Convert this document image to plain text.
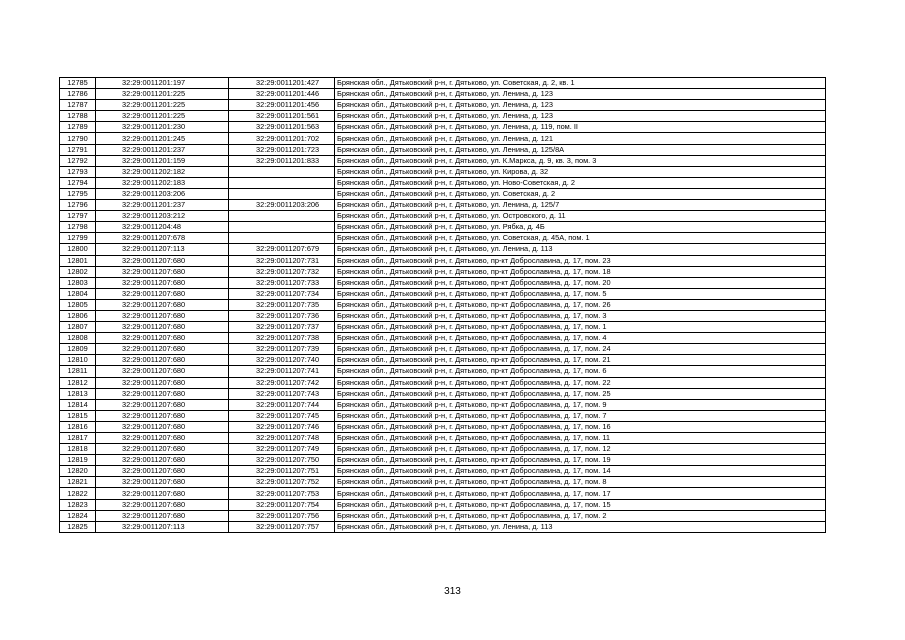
12785	32:29:0011201:197	32:29:0011201:427	Брянская обл., Дятьковский р-н, г. Дятьково, ул. Советская, д. 2, кв. 1
12786	32:29:0011201:225	32:29:0011201:446	Брянская обл., Дятьковский р-н, г. Дятьково, ул. Ленина, д. 123
12787	32:29:0011201:225	32:29:0011201:456	Брянская обл., Дятьковский р-н, г. Дятьково, ул. Ленина, д. 123
12788	32:29:0011201:225	32:29:0011201:561	Брянская обл., Дятьковский р-н, г. Дятьково, ул. Ленина, д. 123
12789	32:29:0011201:230	32:29:0011201:563	Брянская обл., Дятьковский р-н, г. Дятьково, ул. Ленина, д. 119, пом. II
12790	32:29:0011201:245	32:29:0011201:702	Брянская обл., Дятьковский р-н, г. Дятьково, ул. Ленина, д. 121
12791	32:29:0011201:237	32:29:0011201:723	Брянская обл., Дятьковский р-н, г. Дятьково, ул. Ленина, д. 125/8А
12792	32:29:0011201:159	32:29:0011201:833	Брянская обл., Дятьковский р-н, г. Дятьково, ул. К.Маркса, д. 9, кв. 3, пом. 3
12793	32:29:0011202:182		Брянская обл., Дятьковский р-н, г. Дятьково, ул. Кирова, д. 32
12794	32:29:0011202:183		Брянская обл., Дятьковский р-н, г. Дятьково, ул. Ново-Советская, д. 2
12795	32:29:0011203:206		Брянская обл., Дятьковский р-н, г. Дятьково, ул. Советская, д. 2
12796	32:29:0011201:237	32:29:0011203:206	Брянская обл., Дятьковский р-н, г. Дятьково, ул. Ленина, д. 125/7
12797	32:29:0011203:212		Брянская обл., Дятьковский р-н, г. Дятьково, ул. Островского, д. 11
12798	32:29:0011204:48		Брянская обл., Дятьковский р-н, г. Дятьково, ул. Рябка, д. 4Б
12799	32:29:0011207:678		Брянская обл., Дятьковский р-н, г. Дятьково, ул. Советская, д. 45А, пом. 1
12800	32:29:0011207:113	32:29:0011207:679	Брянская обл., Дятьковский р-н, г. Дятьково, ул. Ленина, д. 113
12801	32:29:0011207:680	32:29:0011207:731	Брянская обл., Дятьковский р-н, г. Дятьково, пр-кт Доброславина, д. 17, пом. 23
12802	32:29:0011207:680	32:29:0011207:732	Брянская обл., Дятьковский р-н, г. Дятьково, пр-кт Доброславина, д. 17, пом. 18
12803	32:29:0011207:680	32:29:0011207:733	Брянская обл., Дятьковский р-н, г. Дятьково, пр-кт Доброславина, д. 17, пом. 20
12804	32:29:0011207:680	32:29:0011207:734	Брянская обл., Дятьковский р-н, г. Дятьково, пр-кт Доброславина, д. 17, пом. 5
12805	32:29:0011207:680	32:29:0011207:735	Брянская обл., Дятьковский р-н, г. Дятьково, пр-кт Доброславина, д. 17, пом. 26
12806	32:29:0011207:680	32:29:0011207:736	Брянская обл., Дятьковский р-н, г. Дятьково, пр-кт Доброславина, д. 17, пом. 3
12807	32:29:0011207:680	32:29:0011207:737	Брянская обл., Дятьковский р-н, г. Дятьково, пр-кт Доброславина, д. 17, пом. 1
12808	32:29:0011207:680	32:29:0011207:738	Брянская обл., Дятьковский р-н, г. Дятьково, пр-кт Доброславина, д. 17, пом. 4
12809	32:29:0011207:680	32:29:0011207:739	Брянская обл., Дятьковский р-н, г. Дятьково, пр-кт Доброславина, д. 17, пом. 24
12810	32:29:0011207:680	32:29:0011207:740	Брянская обл., Дятьковский р-н, г. Дятьково, пр-кт Доброславина, д. 17, пом. 21
12811	32:29:0011207:680	32:29:0011207:741	Брянская обл., Дятьковский р-н, г. Дятьково, пр-кт Доброславина, д. 17, пом. 6
12812	32:29:0011207:680	32:29:0011207:742	Брянская обл., Дятьковский р-н, г. Дятьково, пр-кт Доброславина, д. 17, пом. 22
12813	32:29:0011207:680	32:29:0011207:743	Брянская обл., Дятьковский р-н, г. Дятьково, пр-кт Доброславина, д. 17, пом. 25
12814	32:29:0011207:680	32:29:0011207:744	Брянская обл., Дятьковский р-н, г. Дятьково, пр-кт Доброславина, д. 17, пом. 9
12815	32:29:0011207:680	32:29:0011207:745	Брянская обл., Дятьковский р-н, г. Дятьково, пр-кт Доброславина, д. 17, пом. 7
12816	32:29:0011207:680	32:29:0011207:746	Брянская обл., Дятьковский р-н, г. Дятьково, пр-кт Доброславина, д. 17, пом. 16
12817	32:29:0011207:680	32:29:0011207:748	Брянская обл., Дятьковский р-н, г. Дятьково, пр-кт Доброславина, д. 17, пом. 11
12818	32:29:0011207:680	32:29:0011207:749	Брянская обл., Дятьковский р-н, г. Дятьково, пр-кт Доброславина, д. 17, пом. 12
12819	32:29:0011207:680	32:29:0011207:750	Брянская обл., Дятьковский р-н, г. Дятьково, пр-кт Доброславина, д. 17, пом. 19
12820	32:29:0011207:680	32:29:0011207:751	Брянская обл., Дятьковский р-н, г. Дятьково, пр-кт Доброславина, д. 17, пом. 14
12821	32:29:0011207:680	32:29:0011207:752	Брянская обл., Дятьковский р-н, г. Дятьково, пр-кт Доброславина, д. 17, пом. 8
12822	32:29:0011207:680	32:29:0011207:753	Брянская обл., Дятьковский р-н, г. Дятьково, пр-кт Доброславина, д. 17, пом. 17
12823	32:29:0011207:680	32:29:0011207:754	Брянская обл., Дятьковский р-н, г. Дятьково, пр-кт Доброславина, д. 17, пом. 15
12824	32:29:0011207:680	32:29:0011207:756	Брянская обл., Дятьковский р-н, г. Дятьково, пр-кт Доброславина, д. 17, пом. 2
12825	32:29:0011207:113	32:29:0011207:757	Брянская обл., Дятьковский р-н, г. Дятьково, ул. Ленина, д. 113
313
